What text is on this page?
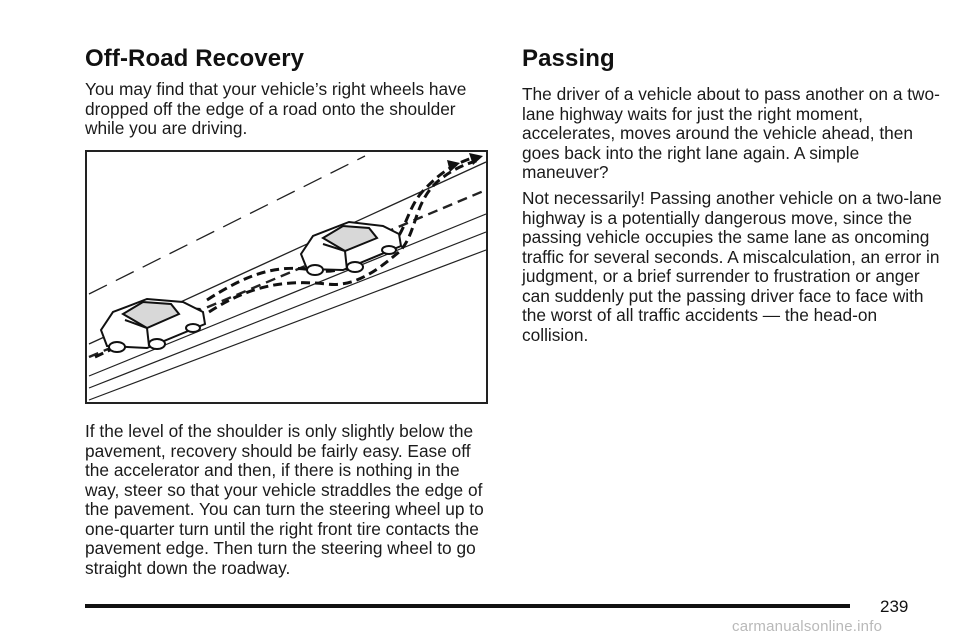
Off-Road Recovery

You may find that your vehicle’s right wheels have dropped off the edge of a road onto the shoulder while you are driving.

If the level of the shoulder is only slightly below the pavement, recovery should be fairly easy. Ease off the accelerator and then, if there is nothing in the way, steer so that your vehicle straddles the edge of the pavement. You can turn the steering wheel up to one-quarter turn until the right front tire contacts the pavement edge. Then turn the steering wheel to go straight down the roadway.

Passing

The driver of a vehicle about to pass another on a two-lane highway waits for just the right moment, accelerates, moves around the vehicle ahead, then goes back into the right lane again. A simple maneuver?

Not necessarily! Passing another vehicle on a two-lane highway is a potentially dangerous move, since the passing vehicle occupies the same lane as oncoming traffic for several seconds. A miscalculation, an error in judgment, or a brief surrender to frustration or anger can suddenly put the passing driver face to face with the worst of all traffic accidents — the head-on collision.

239
carmanualsonline.info
